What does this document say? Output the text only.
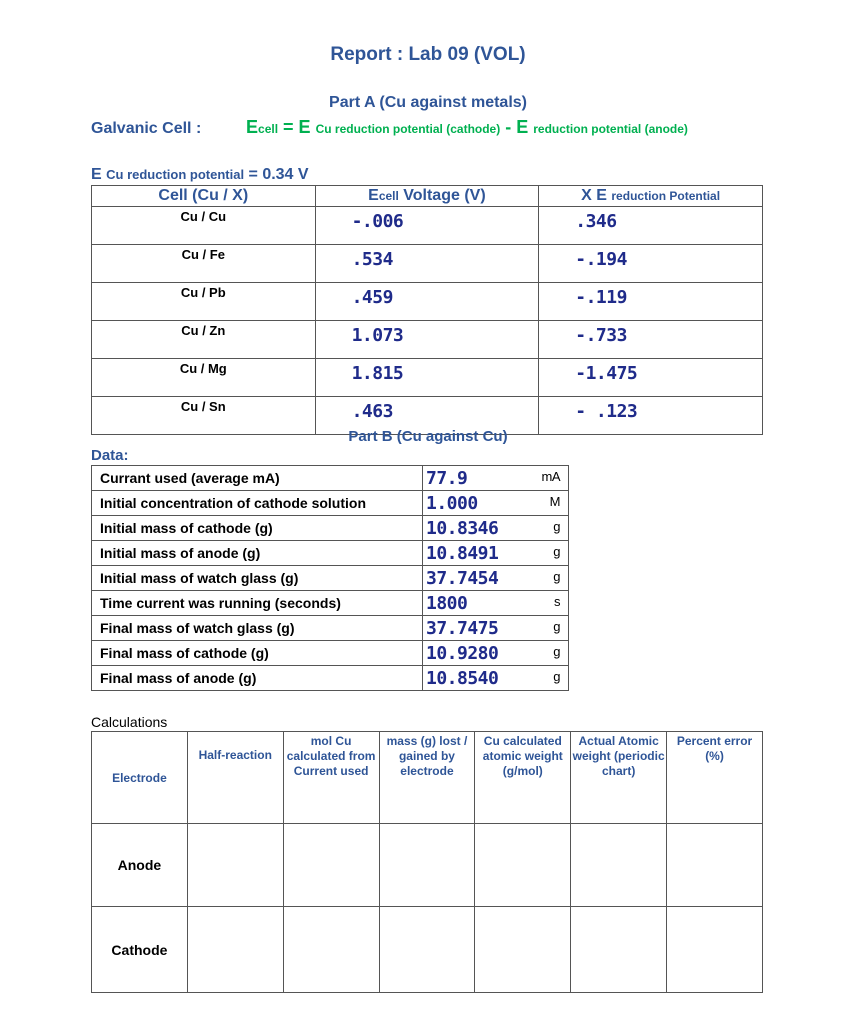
Report : Lab 09 (VOL)
Part A (Cu against metals)
Galvanic Cell : Ecell = E Cu reduction potential (cathode) - E reduction potential (anode)
E Cu reduction potential = 0.34 V
Cell (Cu / X)	Ecell Voltage (V)	X E reduction Potential
Cu / Cu	-.006	.346
Cu / Fe	.534	-.194
Cu / Pb	.459	-.119
Cu / Zn	1.073	-.733
Cu / Mg	1.815	-1.475
Cu / Sn	.463	- .123
Part B (Cu against Cu)
Data:
Currant used (average mA)	77.9 mA

Initial concentration of cathode solution	1.000 M

Initial mass of cathode (g)	10.8346 g

Initial mass of anode (g)	10.8491 g

Initial mass of watch glass (g)	37.7454 g

Time current was running (seconds)	1800 s

Final mass of watch glass (g)	37.7475 g

Final mass of cathode (g)	10.9280 g

Final mass of anode (g)	10.8540 g
Calculations
Electrode	Half-reaction	mol Cu calculated from Current used	mass (g) lost / gained by electrode	Cu calculated atomic weight (g/mol)	Actual Atomic weight (periodic chart)	Percent error (%)
Anode						
Cathode						
